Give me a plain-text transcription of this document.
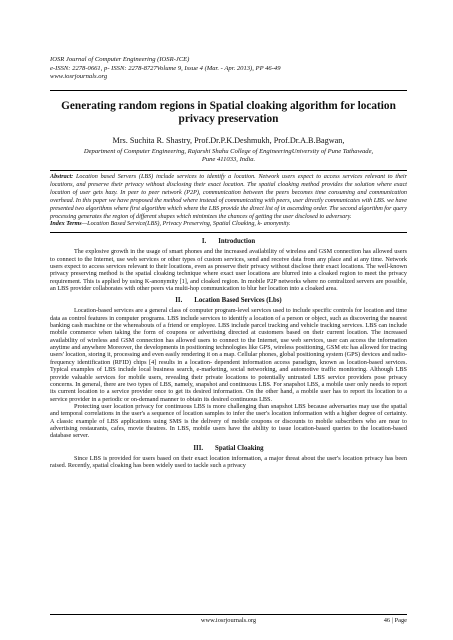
IOSR Journal of Computer Engineering (IOSR-JCE)
e-ISSN: 2278-0661, p- ISSN: 2278-8727Volume 9, Issue 4 (Mar. - Apr. 2013), PP 46-49
www.iosrjournals.org
Generating random regions in Spatial cloaking algorithm for location privacy preservation
Mrs. Suchita R. Shastry, Prof.Dr.P.K.Deshmukh, Prof.Dr.A.B.Bagwan,
Department of Computer Engineering, Rajarshi Shahu College of EngineeringUniversity of Pune Tathawade,
Pune 411033, India.

Abstract: Location based Servers (LBS) include services to identify a location. Network users expect to access services relevant to their locations, and preserve their privacy without disclosing their exact location. The spatial cloaking method provides the solution where exact location of user gets hazy. In peer to peer network (P2P), communication between the peers becomes time consuming and communication overhead. In this paper we have proposed the method where instead of communicating with peers, user directly communicates with LBS. we have presented two algorithms where first algorithm which where the LBS provide the direct list of in ascending order. The second algorithm for query processing generates the region of different shapes which minimizes the chances of getting the user disclosed to adversary.

Index Terms—Location Based Service(LBS), Privacy Preserving, Spatial Cloaking, k- anonymity.

I. Introduction

The explosive growth in the usage of smart phones and the increased availability of wireless and GSM connection has allowed users to connect to the Internet, use web services or other types of custom services, send and receive data from any place and at any time. Network users expect to access services relevant to their locations, even as preserve their privacy without disclose their exact locations. The well-known privacy preserving method is the spatial cloaking technique where exact user locations are blurred into a cloaked region to meet the privacy requirement. This is applied by using K-anonymity [1], and cloaked region. In mobile P2P networks where no centralized servers are possible, an LBS provider collaborates with other peers via multi-hop communication to blur her location into a cloaked area.

II. Location Based Services (Lbs)

Location-based services are a general class of computer program-level services used to include specific controls for location and time data as control features in computer programs. LBS include services to identify a location of a person or object, such as discovering the nearest banking cash machine or the whereabouts of a friend or employee. LBS include parcel tracking and vehicle tracking services. LBS can include mobile commerce when taking the form of coupons or advertising directed at customers based on their current location. The increased availability of wireless and GSM connection has allowed users to connect to the Internet, use web services, user can access the information anytime and anywhere Moreover, the developments in positioning technologies like GPS, wireless positioning, GSM etc has allowed for tracing users' location, storing it, processing and even easily rendering it on a map. Cellular phones, global positioning system (GPS) devices and radio-frequency identification (RFID) chips [4] results in a location- dependent information access paradigm, known as location-based services. Typical examples of LBS include local business search, e-marketing, social networking, and automotive traffic monitoring. Although LBS provide valuable services for mobile users, revealing their private locations to potentially untrusted LBS service providers pose privacy concerns. In general, there are two types of LBS, namely, snapshot and continuous LBS. For snapshot LBS, a mobile user only needs to report its current location to a service provider once to get its desired information. On the other hand, a mobile user has to report its location to a service provider in a periodic or on-demand manner to obtain its desired continuous LBS.

Protecting user location privacy for continuous LBS is more challenging than snapshot LBS because adversaries may use the spatial and temporal correlations in the user's a sequence of location samples to infer the user's location information with a higher degree of certainty. A classic example of LBS applications using SMS is the delivery of mobile coupons or discounts to mobile subscribers who are near to advertising restaurants, cafes, movie theatres. In LBS, mobile users have the ability to issue location-based queries to the location-based database server.

III. Spatial Cloaking

Since LBS is provided for users based on their exact location information, a major threat about the user's location privacy has been raised. Recently, spatial cloaking has been widely used to tackle such a privacy

www.iosrjournals.org	46 | Page
